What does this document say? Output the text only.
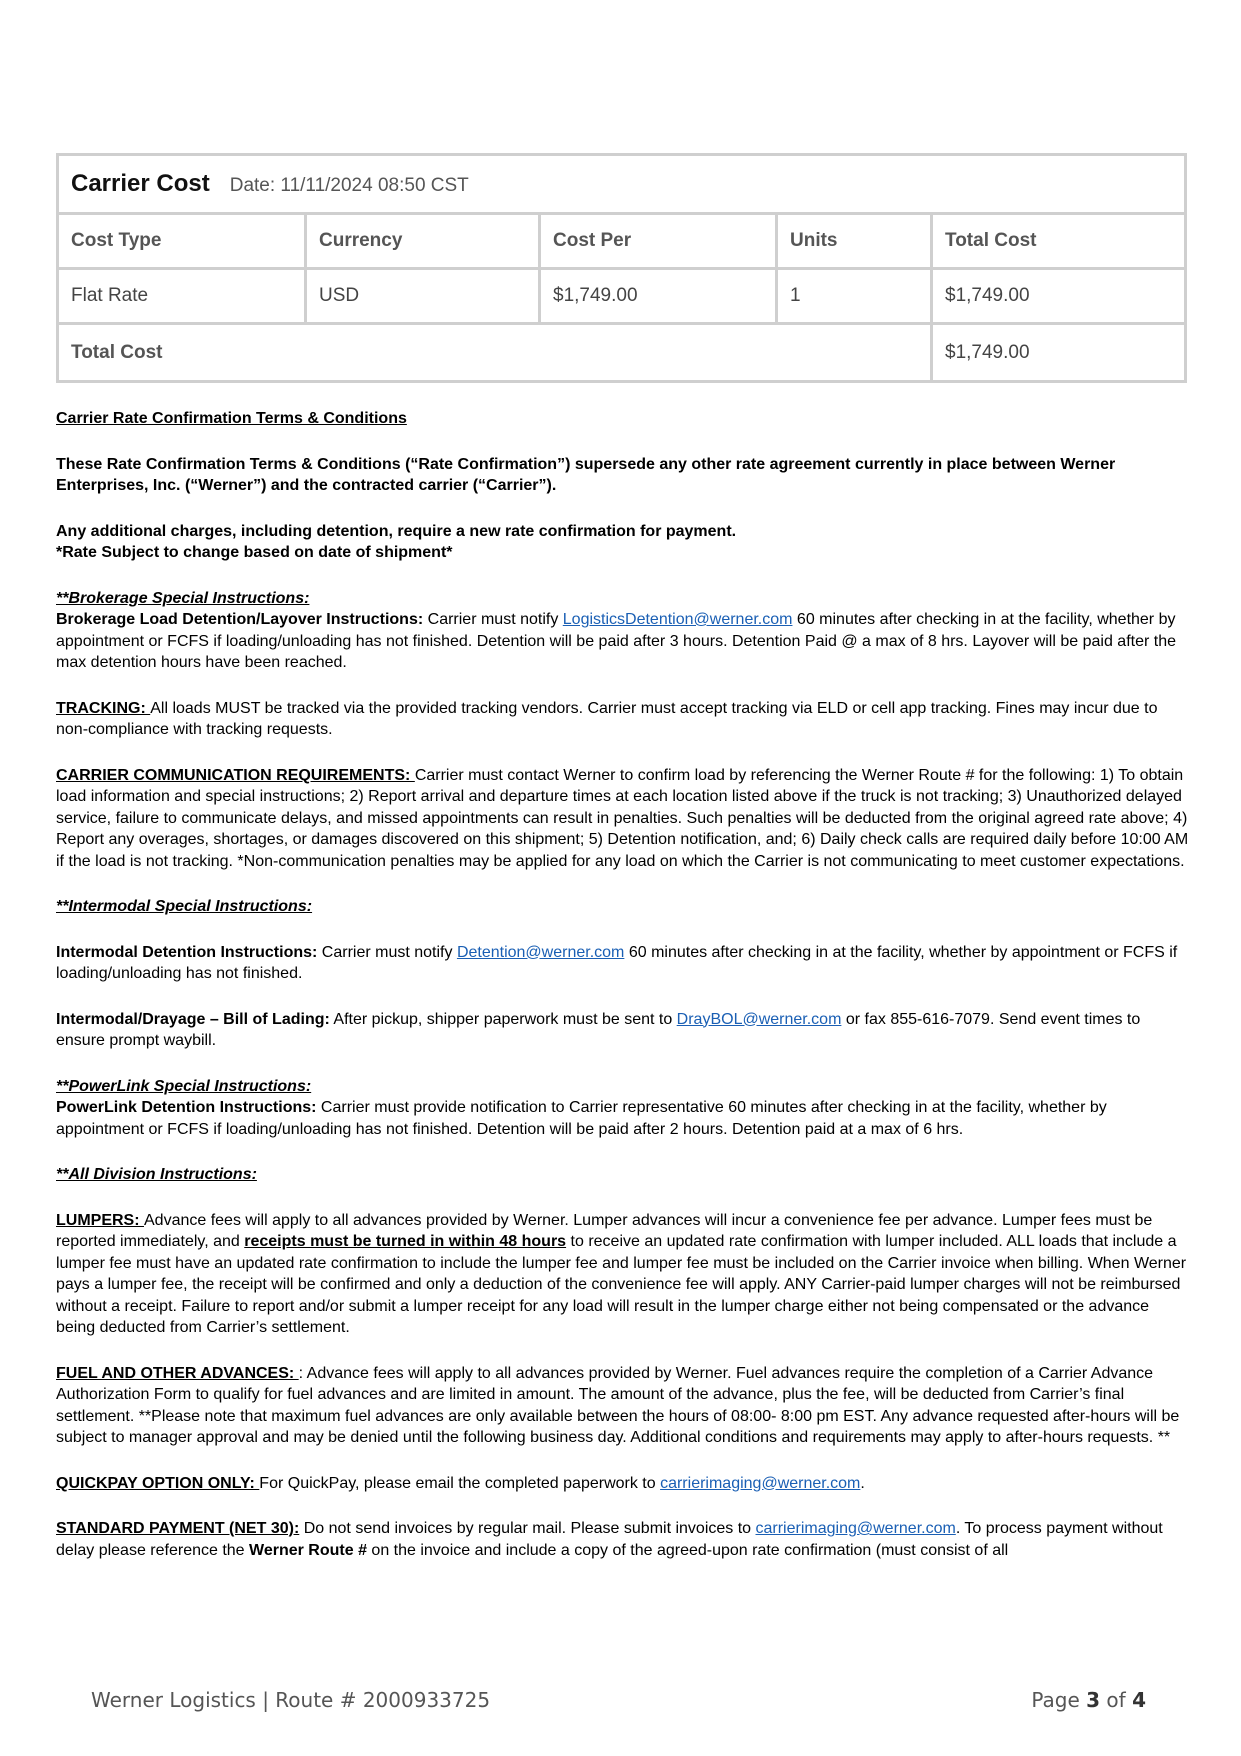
Carrier Cost Date: 11/11/2024 08:50 CST				
Cost Type	Currency	Cost Per	Units	Total Cost
Flat Rate	USD	$1,749.00	1	$1,749.00
Total Cost				$1,749.00

Carrier Rate Confirmation Terms & Conditions

These Rate Confirmation Terms & Conditions (“Rate Confirmation”) supersede any other rate agreement currently in place between Werner Enterprises, Inc. (“Werner”) and the contracted carrier (“Carrier”).

Any additional charges, including detention, require a new rate confirmation for payment.

*Rate Subject to change based on date of shipment*

**Brokerage Special Instructions:

Brokerage Load Detention/Layover Instructions: Carrier must notify LogisticsDetention@werner.com 60 minutes after checking in at the facility, whether by appointment or FCFS if loading/unloading has not finished. Detention will be paid after 3 hours. Detention Paid @ a max of 8 hrs. Layover will be paid after the max detention hours have been reached.

TRACKING: All loads MUST be tracked via the provided tracking vendors. Carrier must accept tracking via ELD or cell app tracking. Fines may incur due to non-compliance with tracking requests.

CARRIER COMMUNICATION REQUIREMENTS: Carrier must contact Werner to confirm load by referencing the Werner Route # for the following: 1) To obtain load information and special instructions; 2) Report arrival and departure times at each location listed above if the truck is not tracking; 3) Unauthorized delayed service, failure to communicate delays, and missed appointments can result in penalties. Such penalties will be deducted from the original agreed rate above; 4) Report any overages, shortages, or damages discovered on this shipment; 5) Detention notification, and; 6) Daily check calls are required daily before 10:00 AM if the load is not tracking. *Non-communication penalties may be applied for any load on which the Carrier is not communicating to meet customer expectations.

**Intermodal Special Instructions:

Intermodal Detention Instructions: Carrier must notify Detention@werner.com 60 minutes after checking in at the facility, whether by appointment or FCFS if loading/unloading has not finished.

Intermodal/Drayage – Bill of Lading: After pickup, shipper paperwork must be sent to DrayBOL@werner.com or fax 855-616-7079. Send event times to ensure prompt waybill.

**PowerLink Special Instructions:

PowerLink Detention Instructions: Carrier must provide notification to Carrier representative 60 minutes after checking in at the facility, whether by appointment or FCFS if loading/unloading has not finished. Detention will be paid after 2 hours. Detention paid at a max of 6 hrs.

**All Division Instructions:

LUMPERS: Advance fees will apply to all advances provided by Werner. Lumper advances will incur a convenience fee per advance. Lumper fees must be reported immediately, and receipts must be turned in within 48 hours to receive an updated rate confirmation with lumper included. ALL loads that include a lumper fee must have an updated rate confirmation to include the lumper fee and lumper fee must be included on the Carrier invoice when billing. When Werner pays a lumper fee, the receipt will be confirmed and only a deduction of the convenience fee will apply. ANY Carrier-paid lumper charges will not be reimbursed without a receipt. Failure to report and/or submit a lumper receipt for any load will result in the lumper charge either not being compensated or the advance being deducted from Carrier’s settlement.

FUEL AND OTHER ADVANCES: : Advance fees will apply to all advances provided by Werner. Fuel advances require the completion of a Carrier Advance Authorization Form to qualify for fuel advances and are limited in amount. The amount of the advance, plus the fee, will be deducted from Carrier’s final settlement. **Please note that maximum fuel advances are only available between the hours of 08:00- 8:00 pm EST. Any advance requested after-hours will be subject to manager approval and may be denied until the following business day. Additional conditions and requirements may apply to after-hours requests. **

QUICKPAY OPTION ONLY: For QuickPay, please email the completed paperwork to carrierimaging@werner.com.

STANDARD PAYMENT (NET 30): Do not send invoices by regular mail. Please submit invoices to carrierimaging@werner.com. To process payment without delay please reference the Werner Route # on the invoice and include a copy of the agreed-upon rate confirmation (must consist of all

Werner Logistics | Route # 2000933725	Page 3 of 4
